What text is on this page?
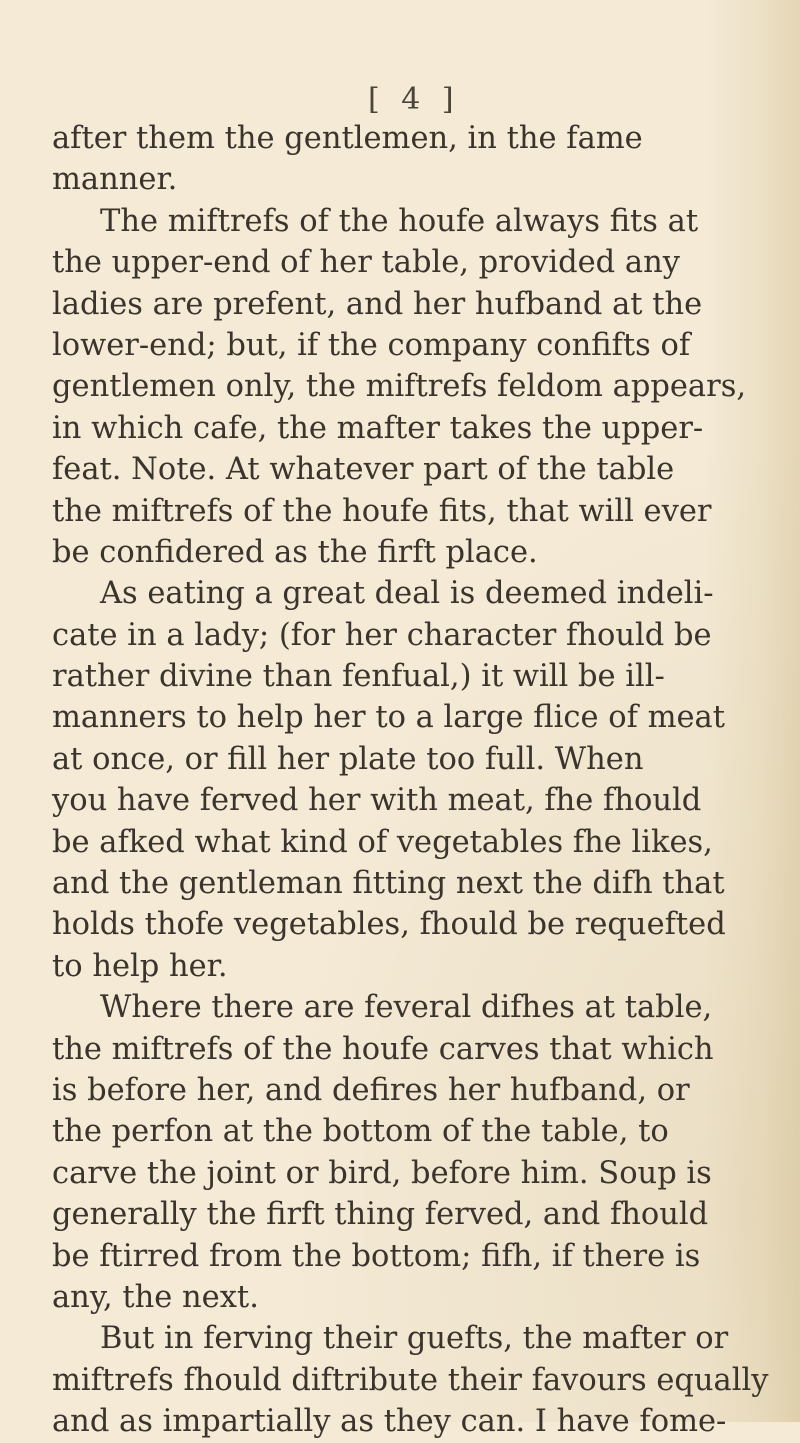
[ 4 ]
after them the gentlemen, in the fame
manner.
The miftrefs of the houfe always fits at
the upper-end of her table, provided any
ladies are prefent, and her hufband at the
lower-end; but, if the company confifts of
gentlemen only, the miftrefs feldom appears,
in which cafe, the mafter takes the upper-
feat. Note. At whatever part of the table
the miftrefs of the houfe fits, that will ever
be confidered as the firft place.
As eating a great deal is deemed indeli-
cate in a lady; (for her character fhould be
rather divine than fenfual,) it will be ill-
manners to help her to a large flice of meat
at once, or fill her plate too full. When
you have ferved her with meat, fhe fhould
be afked what kind of vegetables fhe likes,
and the gentleman fitting next the difh that
holds thofe vegetables, fhould be requefted
to help her.
Where there are feveral difhes at table,
the miftrefs of the houfe carves that which
is before her, and defires her hufband, or
the perfon at the bottom of the table, to
carve the joint or bird, before him. Soup is
generally the firft thing ferved, and fhould
be ftirred from the bottom; fifh, if there is
any, the next.
But in ferving their guefts, the mafter or
miftrefs fhould diftribute their favours equally
and as impartially as they can. I have fome-
